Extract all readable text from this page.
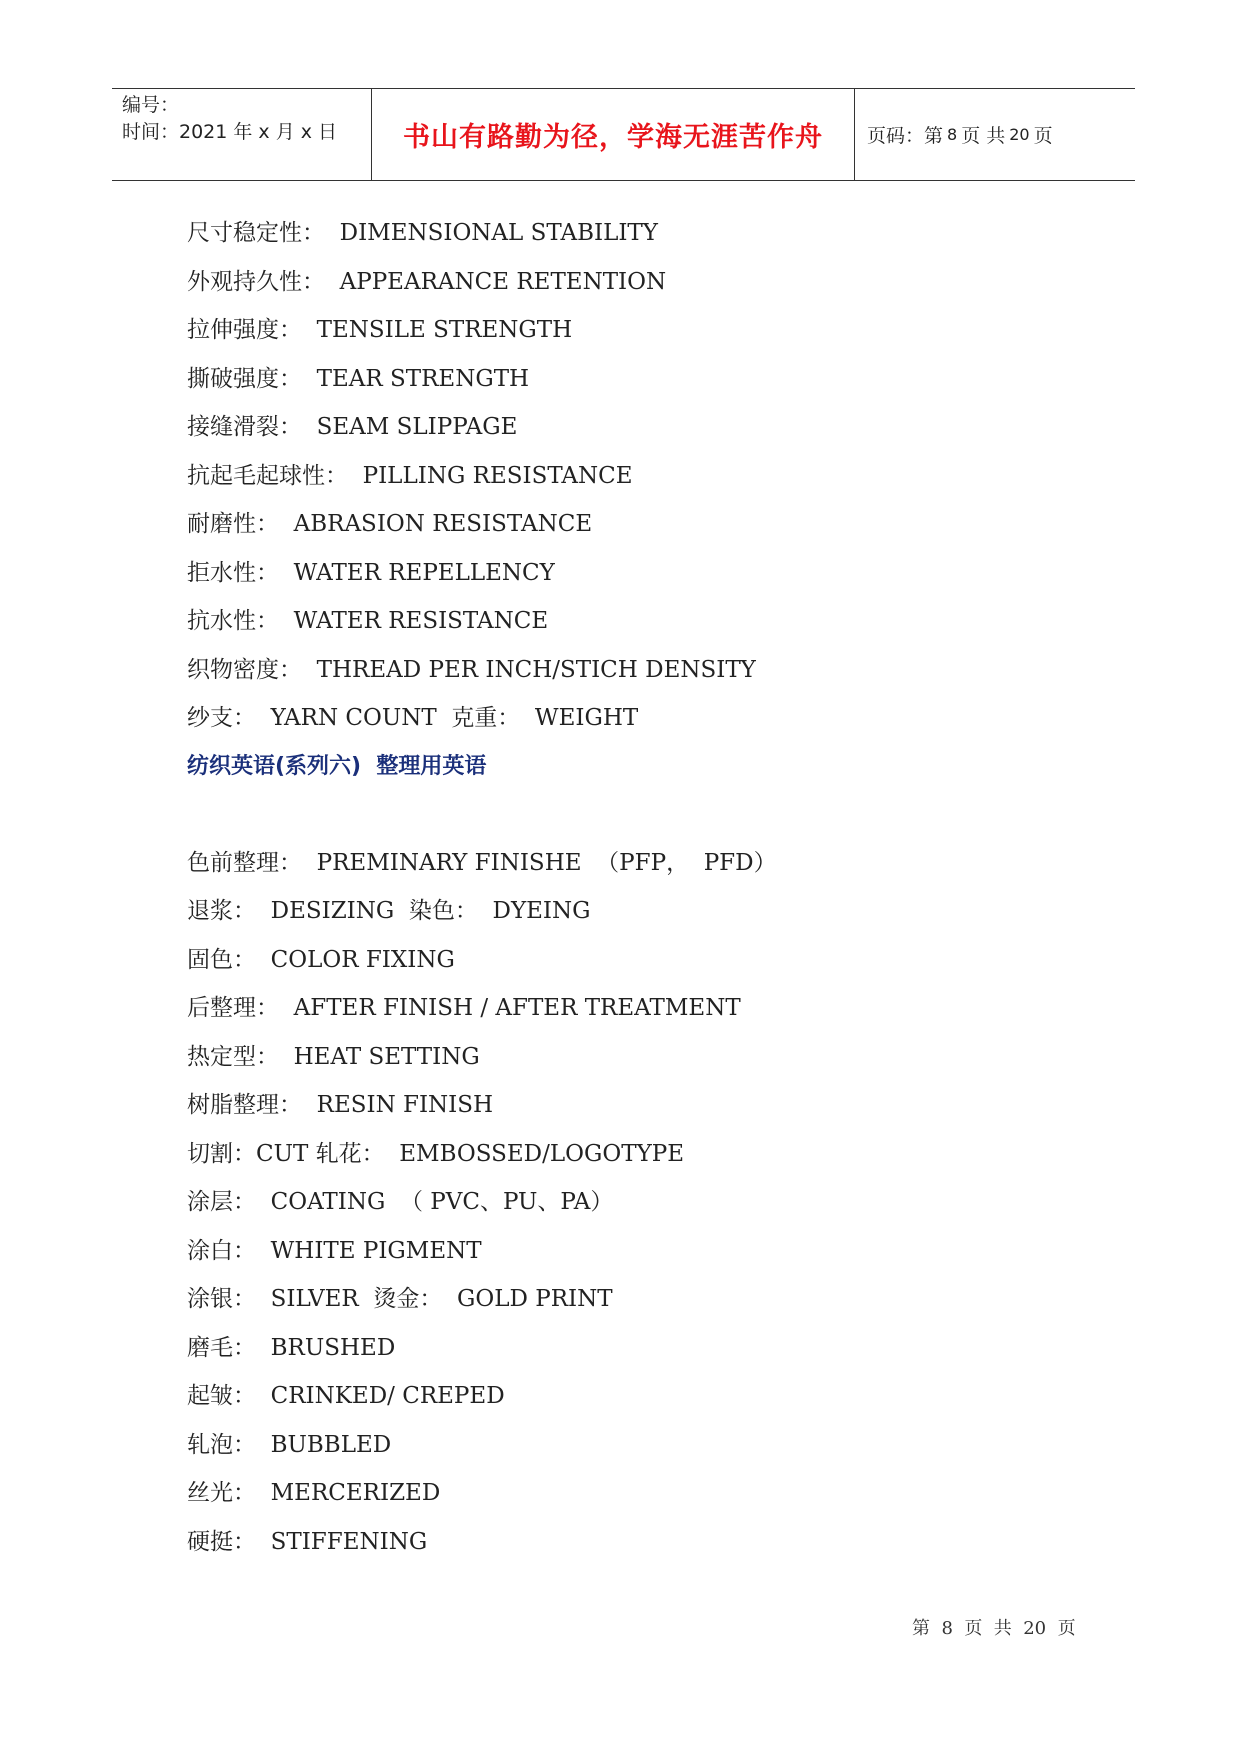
编号：
时间：2021 年 x 月 x 日	书山有路勤为径，学海无涯苦作舟	页码：第 8 页 共 20 页
尺寸稳定性：  DIMENSIONAL STABILITY
外观持久性：  APPEARANCE RETENTION
拉伸强度：  TENSILE STRENGTH
撕破强度：  TEAR STRENGTH
接缝滑裂：  SEAM SLIPPAGE
抗起毛起球性：  PILLING RESISTANCE
耐磨性：  ABRASION RESISTANCE
拒水性：  WATER REPELLENCY
抗水性：  WATER RESISTANCE
织物密度：  THREAD PER INCH/STICH DENSITY
纱支：  YARN COUNT  克重：  WEIGHT
纺织英语(系列六)  整理用英语
色前整理：  PREMINARY FINISHE  （PFP，  PFD）
退浆：  DESIZING  染色：  DYEING
固色：  COLOR FIXING
后整理：  AFTER FINISH / AFTER TREATMENT
热定型：  HEAT SETTING
树脂整理：  RESIN FINISH
切割：CUT 轧花：  EMBOSSED/LOGOTYPE
涂层：  COATING  （ PVC、PU、PA）
涂白：  WHITE PIGMENT
涂银：  SILVER  烫金：  GOLD PRINT
磨毛：  BRUSHED
起皱：  CRINKED/ CREPED
轧泡：  BUBBLED
丝光：  MERCERIZED
硬挺：  STIFFENING
第  8  页  共  20  页
